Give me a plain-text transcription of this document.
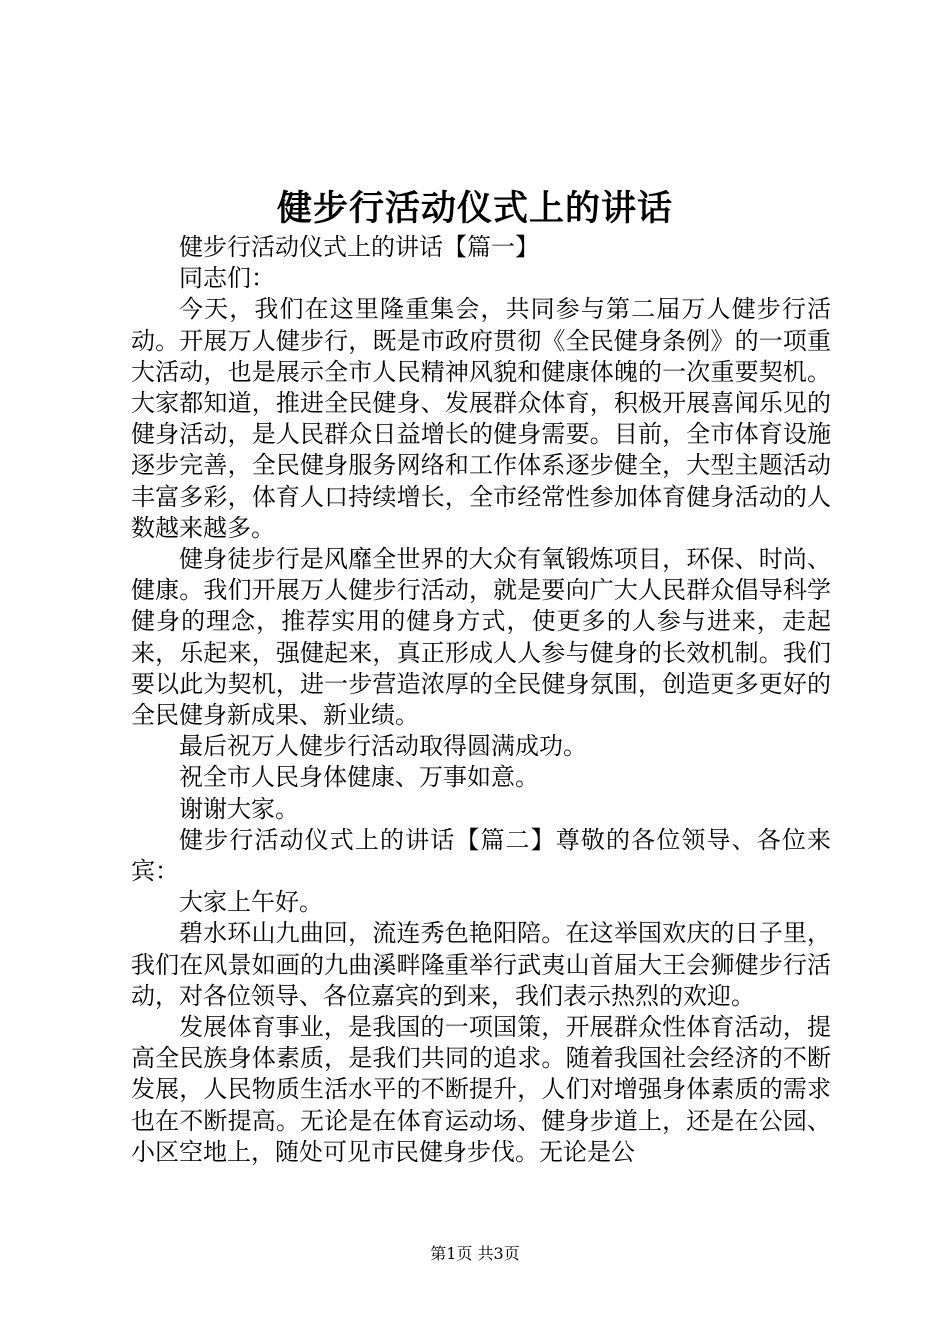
健步行活动仪式上的讲话

健步行活动仪式上的讲话【篇一】

同志们：

今天，我们在这里隆重集会，共同参与第二届万人健步行活动。开展万人健步行，既是市政府贯彻《全民健身条例》的一项重大活动，也是展示全市人民精神风貌和健康体魄的一次重要契机。大家都知道，推进全民健身、发展群众体育，积极开展喜闻乐见的健身活动，是人民群众日益增长的健身需要。目前，全市体育设施逐步完善，全民健身服务网络和工作体系逐步健全，大型主题活动丰富多彩，体育人口持续增长，全市经常性参加体育健身活动的人数越来越多。

健身徒步行是风靡全世界的大众有氧锻炼项目，环保、时尚、健康。我们开展万人健步行活动，就是要向广大人民群众倡导科学健身的理念，推荐实用的健身方式，使更多的人参与进来，走起来，乐起来，强健起来，真正形成人人参与健身的长效机制。我们要以此为契机，进一步营造浓厚的全民健身氛围，创造更多更好的全民健身新成果、新业绩。

最后祝万人健步行活动取得圆满成功。

祝全市人民身体健康、万事如意。

谢谢大家。

健步行活动仪式上的讲话【篇二】尊敬的各位领导、各位来宾：

大家上午好。

碧水环山九曲回，流连秀色艳阳陪。在这举国欢庆的日子里，我们在风景如画的九曲溪畔隆重举行武夷山首届大王会狮健步行活动，对各位领导、各位嘉宾的到来，我们表示热烈的欢迎。

发展体育事业，是我国的一项国策，开展群众性体育活动，提高全民族身体素质，是我们共同的追求。随着我国社会经济的不断发展，人民物质生活水平的不断提升，人们对增强身体素质的需求也在不断提高。无论是在体育运动场、健身步道上，还是在公园、小区空地上，随处可见市民健身步伐。无论是公

第1页 共3页
